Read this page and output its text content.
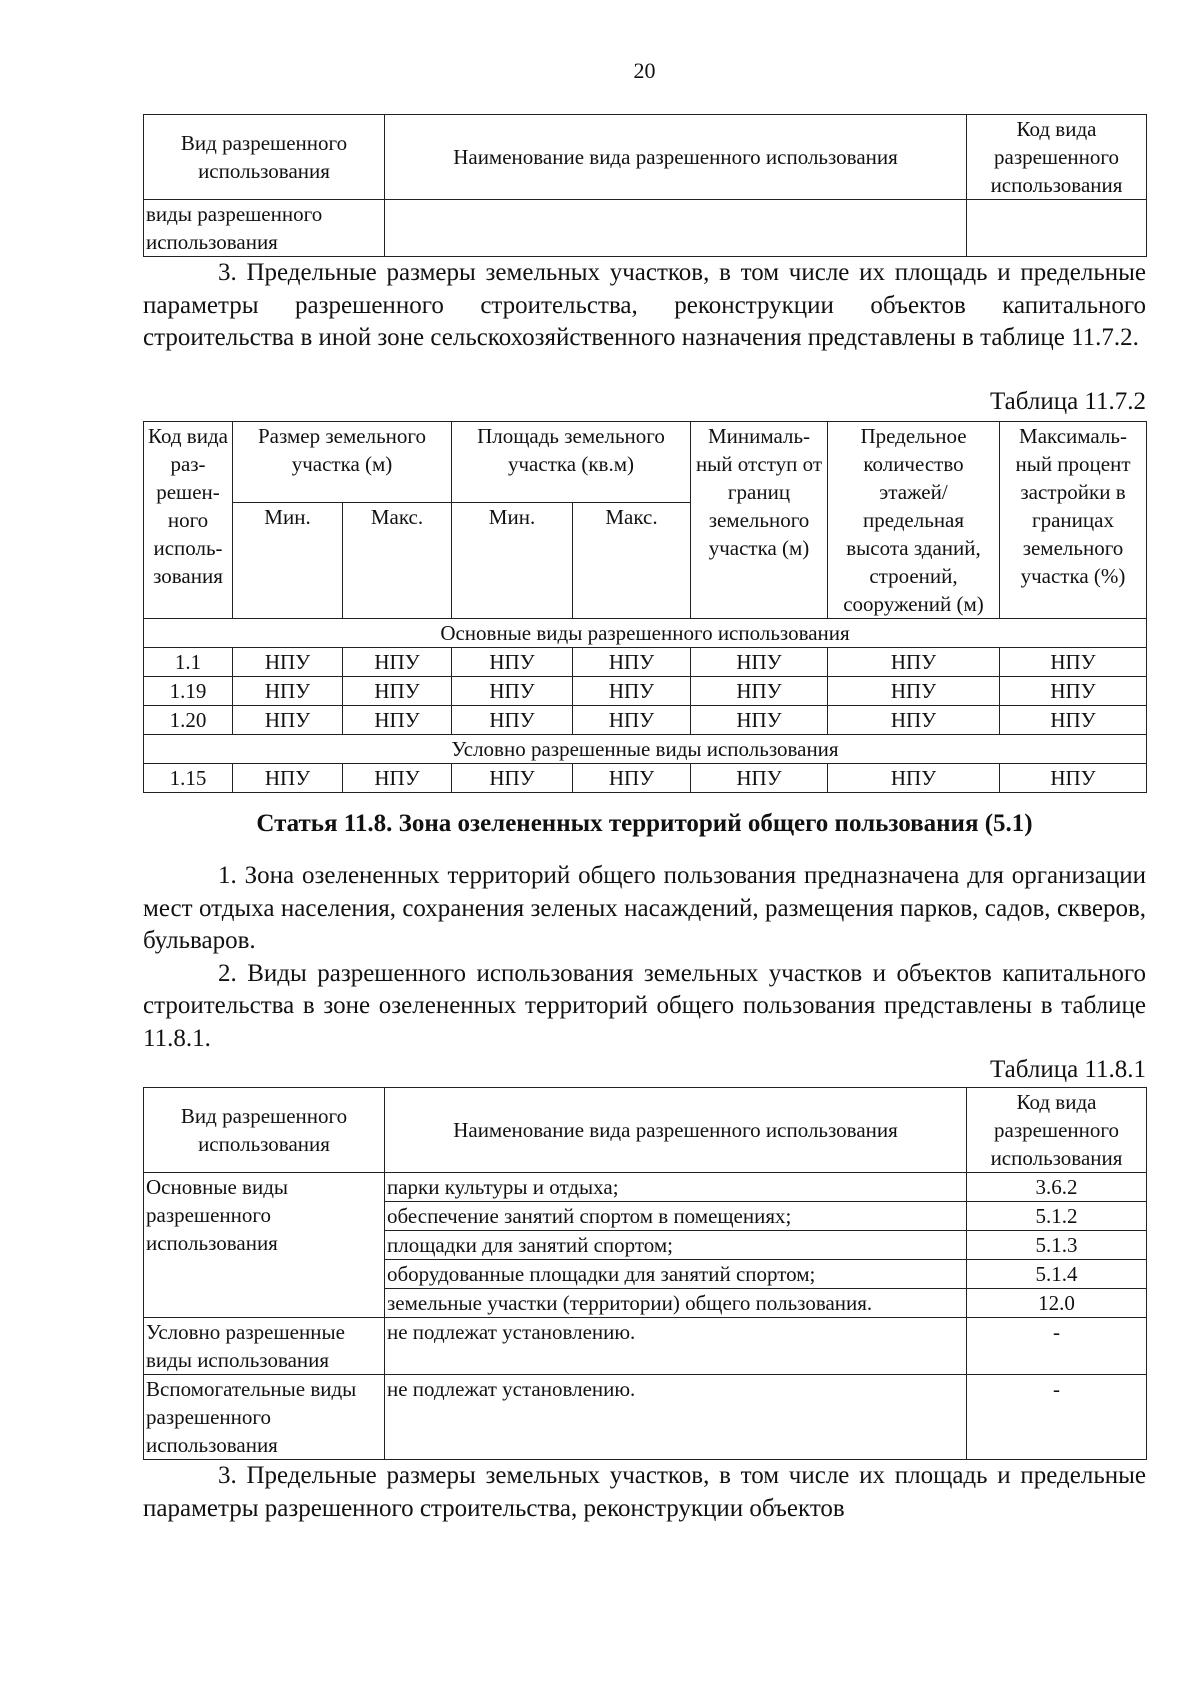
20
Вид разрешенного использования	Наименование вида разрешенного использования	Код вида разрешенного использования
виды разрешенного использования		

3. Предельные размеры земельных участков, в том числе их площадь и предельные параметры разрешенного строительства, реконструкции объектов капитального строительства в иной зоне сельскохозяйственного назначения представлены в таблице 11.7.2.

Таблица 11.7.2
Код вида раз-решен-ного исполь-зования	Размер земельного участка (м)		Площадь земельного участка (кв.м)		Минималь-ный отступ от границ земельного участка (м)	Предельное количество этажей/ предельная высота зданий, строений, сооружений (м)	Максималь-ный процент застройки в границах земельного участка (%)
	Мин.	Макс.	Мин.	Макс.			
Основные виды разрешенного использования							
1.1	НПУ	НПУ	НПУ	НПУ	НПУ	НПУ	НПУ
1.19	НПУ	НПУ	НПУ	НПУ	НПУ	НПУ	НПУ
1.20	НПУ	НПУ	НПУ	НПУ	НПУ	НПУ	НПУ
Условно разрешенные виды использования							
1.15	НПУ	НПУ	НПУ	НПУ	НПУ	НПУ	НПУ
Статья 11.8. Зона озелененных территорий общего пользования (5.1)

1. Зона озелененных территорий общего пользования предназначена для организации мест отдыха населения, сохранения зеленых насаждений, размещения парков, садов, скверов, бульваров.

2. Виды разрешенного использования земельных участков и объектов капитального строительства в зоне озелененных территорий общего пользования представлены в таблице 11.8.1.

Таблица 11.8.1
Вид разрешенного использования	Наименование вида разрешенного использования	Код вида разрешенного использования
Основные виды разрешенного использования	парки культуры и отдыха;	3.6.2
	обеспечение занятий спортом в помещениях;	5.1.2
	площадки для занятий спортом;	5.1.3
	оборудованные площадки для занятий спортом;	5.1.4
	земельные участки (территории) общего пользования.	12.0
Условно разрешенные виды использования	не подлежат установлению.	-
Вспомогательные виды разрешенного использования	не подлежат установлению.	-

3. Предельные размеры земельных участков, в том числе их площадь и предельные параметры разрешенного строительства, реконструкции объектов
